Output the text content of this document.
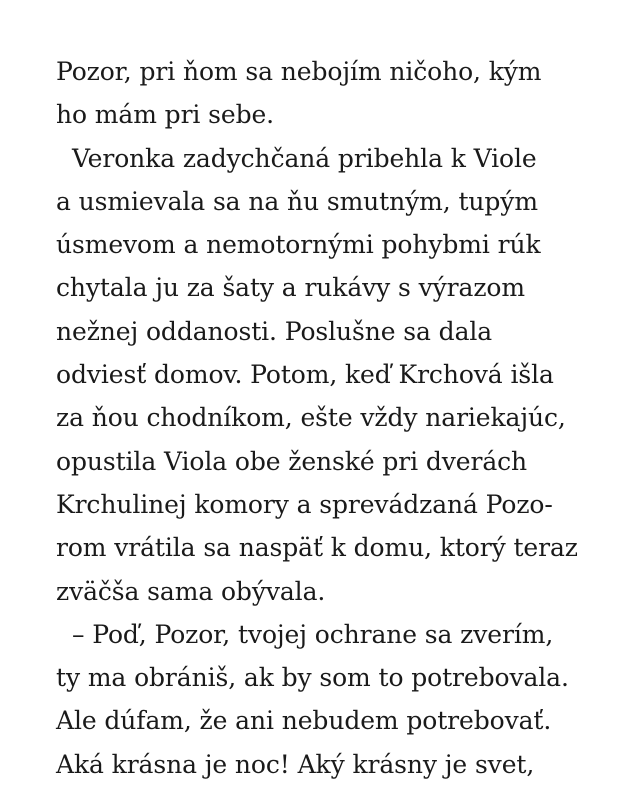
Pozor, pri ňom sa nebojím ničoho, kým
ho mám pri sebe.
Veronka zadychčaná pribehla k Viole
a usmievala sa na ňu smutným, tupým
úsmevom a nemotornými pohybmi rúk
chytala ju za šaty a rukávy s výrazom
nežnej oddanosti. Poslušne sa dala
odviesť domov. Potom, keď Krchová išla
za ňou chodníkom, ešte vždy nariekajúc,
opustila Viola obe ženské pri dverách
Krchulinej komory a sprevádzaná Pozo-
rom vrátila sa naspäť k domu, ktorý teraz
zväčša sama obývala.
– Poď, Pozor, tvojej ochrane sa zverím,
ty ma obrániš, ak by som to potrebovala.
Ale dúfam, že ani nebudem potrebovať.
Aká krásna je noc! Aký krásny je svet,
